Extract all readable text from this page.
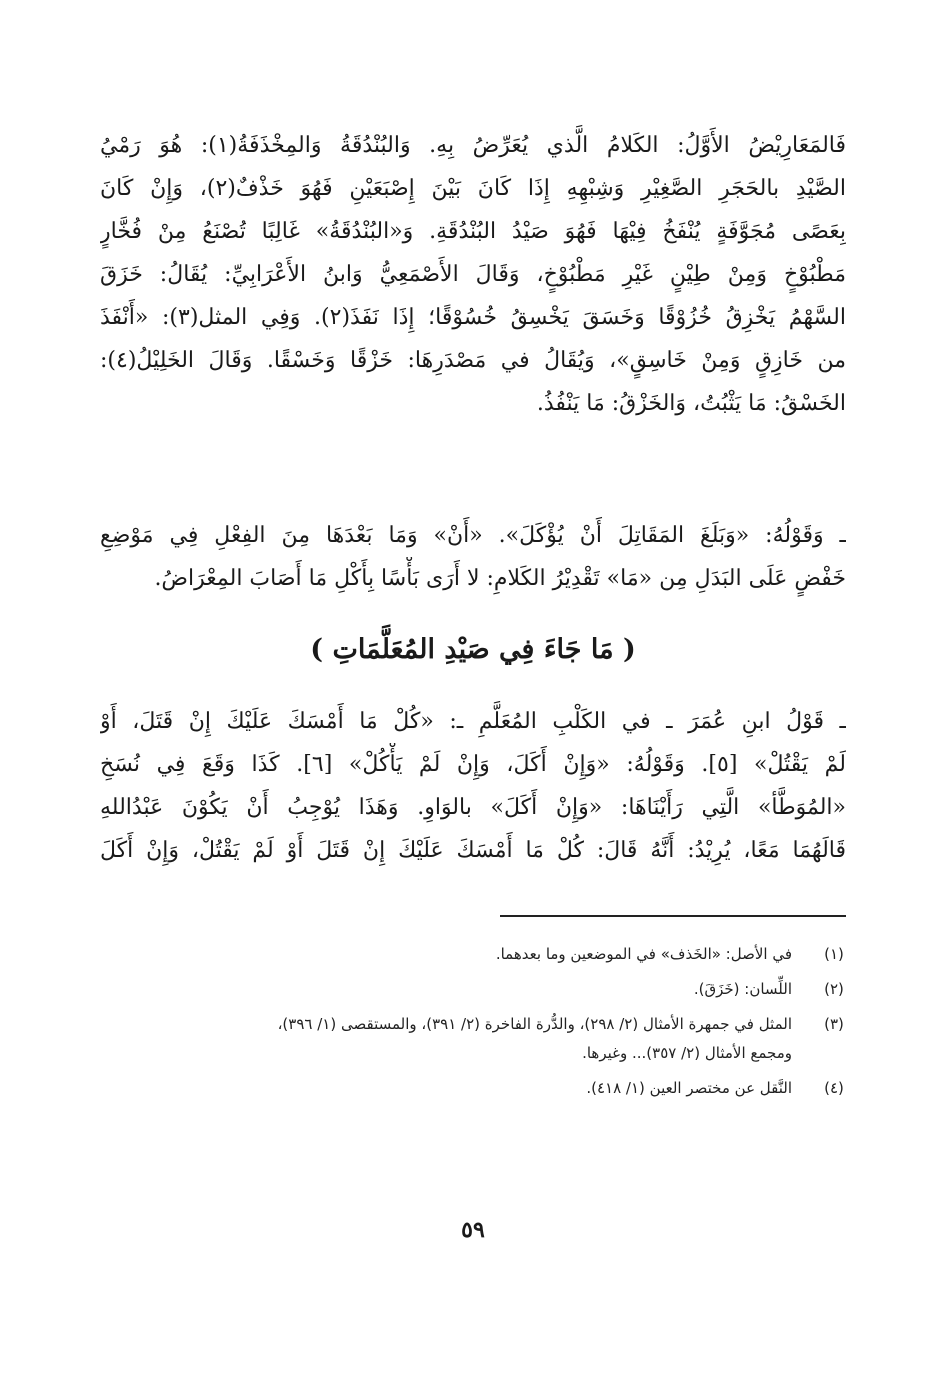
فَالمَعَارِيْضُ الأَوَّلُ: الكَلامُ الَّذي يُعَرِّضُ بِهِ. وَالبُنْدُقَةُ وَالمِخْذَفَةُ(١): هُوَ رَمْيُ
الصَّيْدِ بالحَجَرِ الصَّغِيْرِ وَشِبْهِهِ إِذَا كَانَ بَيْنَ إِصْبَعَيْنِ فَهُوَ خَذْفٌ(٢)، وَإِنْ كَانَ
بِعَصًى مُجَوَّفَةٍ يُنْفَخُ فِيْهَا فَهُوَ صَيْدُ البُنْدُقَةِ. وَ«البُنْدُقَةُ» غَالِبًا تُصْنَعُ مِنْ فُخَّارٍ
مَطْبُوْخٍ وَمِنْ طِيْنٍ غَيْرِ مَطْبُوْخٍ، وَقَالَ الأَصْمَعِيُّ وَابنُ الأَعْرَابِيِّ: يُقَالُ: خَزَقَ
السَّهْمُ يَخْزِقُ خُزُوْقًا وَخَسَقَ يَخْسِقُ خُسُوْقًا؛ إِذَا نَفَذَ(٢). وَفِي المثل(٣): «أَنْفَذَ
من خَازِقٍ وَمِنْ خَاسِقٍ»، وَيُقَالُ في مَصْدَرِهَا: خَزْقًا وَخَسْقًا. وَقَالَ الخَلِيْلُ(٤):
الخَسْقُ: مَا يَثْبُتُ، وَالخَزْقُ: مَا يَنْفُذُ.
ـ وَقَوْلُهُ: «وَبَلَغَ المَقَاتِلَ أَنْ يُؤْكَلَ». «أَنْ» وَمَا بَعْدَهَا مِنَ الفِعْلِ فِي مَوْضِعِ
خَفْضٍ عَلَى البَدَلِ مِن «مَا» تَقْدِيْرُ الكَلامِ: لا أَرَى بَأْسًا بِأَكْلِ مَا أَصَابَ المِعْرَاضُ.
( مَا جَاءَ فِي صَيْدِ المُعَلَّمَاتِ )
ـ قَوْلُ ابنِ عُمَرَ ـ في الكَلْبِ المُعَلَّمِ ـ: «كُلْ مَا أَمْسَكَ عَلَيْكَ إِنْ قَتَلَ، أَوْ
لَمْ يَقْتُلْ» [٥]. وَقَوْلُهُ: «وَإِنْ أَكَلَ، وَإِنْ لَمْ يَأْكُلْ» [٦]. كَذَا وَقَعَ فِي نُسَخِ
«المُوَطَّأ» الَّتِي رَأَيْنَاهَا: «وَإِنْ أَكَلَ» بالوَاوِ. وَهَذَا يُوْجِبُ أَنْ يَكُوْنَ عَبْدُاللهِ
قَالَهُمَا مَعًا، يُرِيْدُ: أَنَّهُ قَالَ: كُلْ مَا أَمْسَكَ عَلَيْكَ إِنْ قَتَلَ أَوْ لَمْ يَقْتُلْ، وَإِنْ أَكَلَ
(١)
في الأصل: «الخَذف» في الموضعين وما بعدهما.
(٢)
اللِّسان: (خَزَقَ).
(٣)
المثل في جمهرة الأمثال (٢/ ٢٩٨)، والدُّرة الفاخرة (٢/ ٣٩١)، والمستقصى (١/ ٣٩٦)،
ومجمع الأمثال (٢/ ٣٥٧)... وغيرها.
(٤)
النَّقل عن مختصر العين (١/ ٤١٨).
٥٩
